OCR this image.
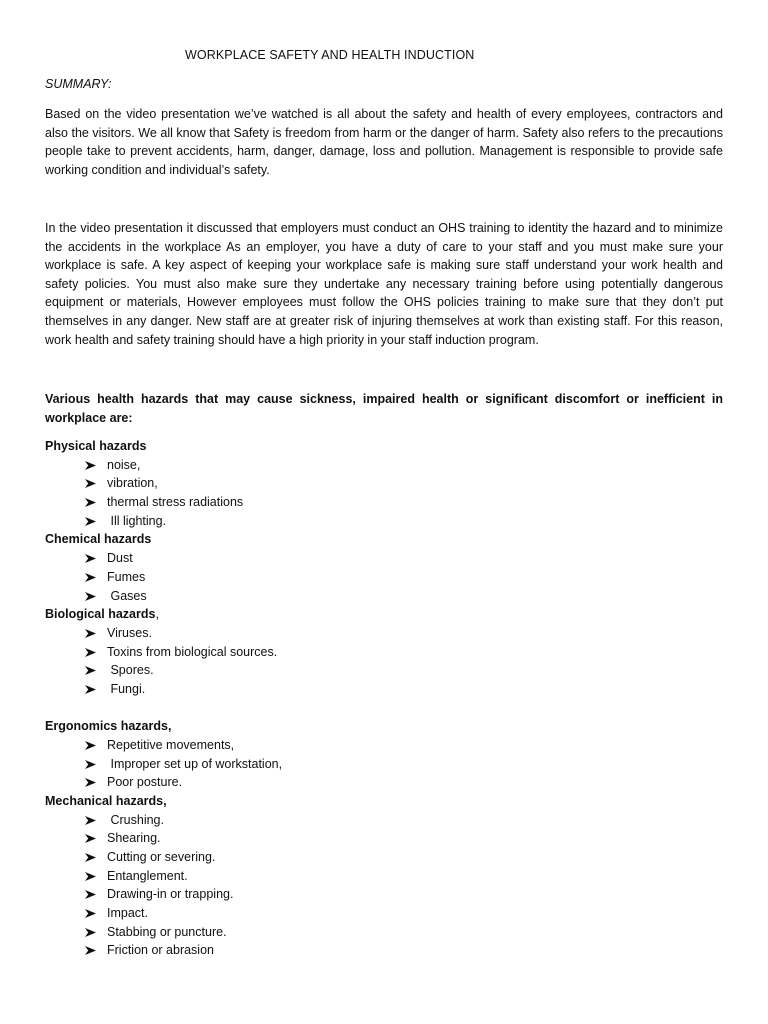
WORKPLACE SAFETY AND HEALTH INDUCTION
SUMMARY:

Based on the video presentation we’ve watched is all about the safety and health of every employees, contractors and also the visitors. We all know that Safety is freedom from harm or the danger of harm. Safety also refers to the precautions people take to prevent accidents, harm, danger, damage, loss and pollution. Management is responsible to provide safe working condition and individual’s safety.

In the video presentation it discussed that employers must conduct an OHS training to identity the hazard and to minimize the accidents in the workplace As an employer, you have a duty of care to your staff and you must make sure your workplace is safe. A key aspect of keeping your workplace safe is making sure staff understand your work health and safety policies. You must also make sure they undertake any necessary training before using potentially dangerous equipment or materials, However employees must follow the OHS policies training to make sure that they don’t put themselves in any danger. New staff are at greater risk of injuring themselves at work than existing staff. For this reason, work health and safety training should have a high priority in your staff induction program.

Various health hazards that may cause sickness, impaired health or significant discomfort or inefficient in workplace are:

Physical hazards
noise,
vibration,
thermal stress radiations
Ill lighting.
Chemical hazards
Dust
Fumes
Gases
Biological hazards,
Viruses.
Toxins from biological sources.
Spores.
Fungi.
Ergonomics hazards,
Repetitive movements,
Improper set up of workstation,
Poor posture.
Mechanical hazards,
Crushing.
Shearing.
Cutting or severing.
Entanglement.
Drawing-in or trapping.
Impact.
Stabbing or puncture.
Friction or abrasion
